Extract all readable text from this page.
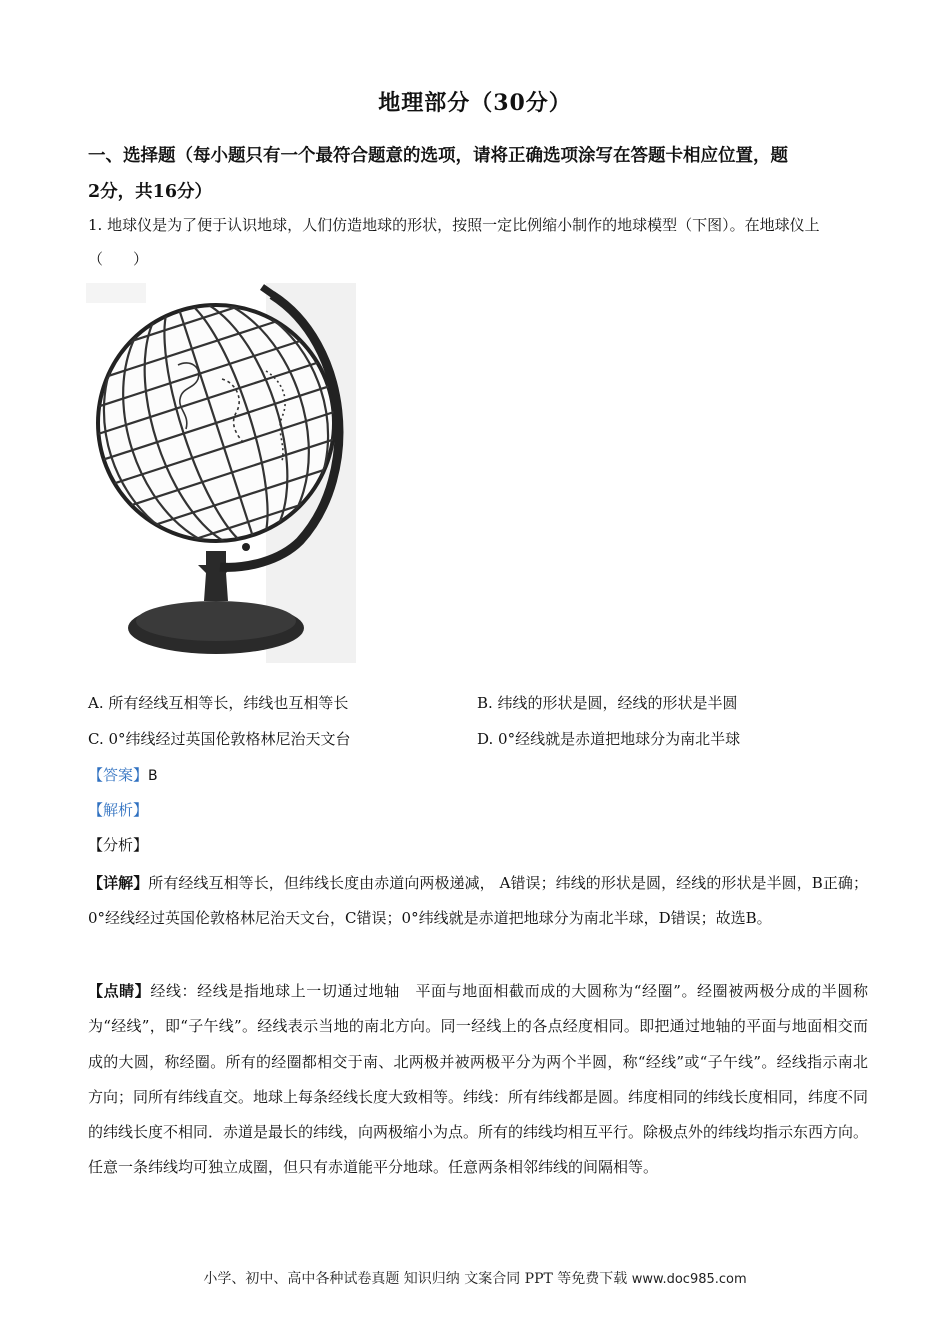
地理部分（30分）
一、选择题（每小题只有一个最符合题意的选项，请将正确选项涂写在答题卡相应位置，题
2分，共16分）
1. 地球仪是为了便于认识地球，人们仿造地球的形状，按照一定比例缩小制作的地球模型（下图）。在地球仪上（　　）
A. 所有经线互相等长，纬线也互相等长	B. 纬线的形状是圆，经线的形状是半圆
C. 0°纬线经过英国伦敦格林尼治天文台	D. 0°经线就是赤道把地球分为南北半球
【答案】B
【解析】
【分析】
【详解】所有经线互相等长，但纬线长度由赤道向两极递减， A错误；纬线的形状是圆，经线的形状是半圆，B正确；0°经线经过英国伦敦格林尼治天文台，C错误；0°纬线就是赤道把地球分为南北半球，D错误；故选B。
【点睛】经线：经线是指地球上一切通过地轴　平面与地面相截而成的大圆称为“经圈”。经圈被两极分成的半圆称为“经线”，即“子午线”。经线表示当地的南北方向。同一经线上的各点经度相同。即把通过地轴的平面与地面相交而成的大圆，称经圈。所有的经圈都相交于南、北两极并被两极平分为两个半圆，称“经线”或“子午线”。经线指示南北方向；同所有纬线直交。地球上每条经线长度大致相等。纬线：所有纬线都是圆。纬度相同的纬线长度相同，纬度不同的纬线长度不相同．赤道是最长的纬线，向两极缩小为点。所有的纬线均相互平行。除极点外的纬线均指示东西方向。任意一条纬线均可独立成圈，但只有赤道能平分地球。任意两条相邻纬线的间隔相等。
小学、初中、高中各种试卷真题 知识归纳 文案合同 PPT 等免费下载 www.doc985.com
